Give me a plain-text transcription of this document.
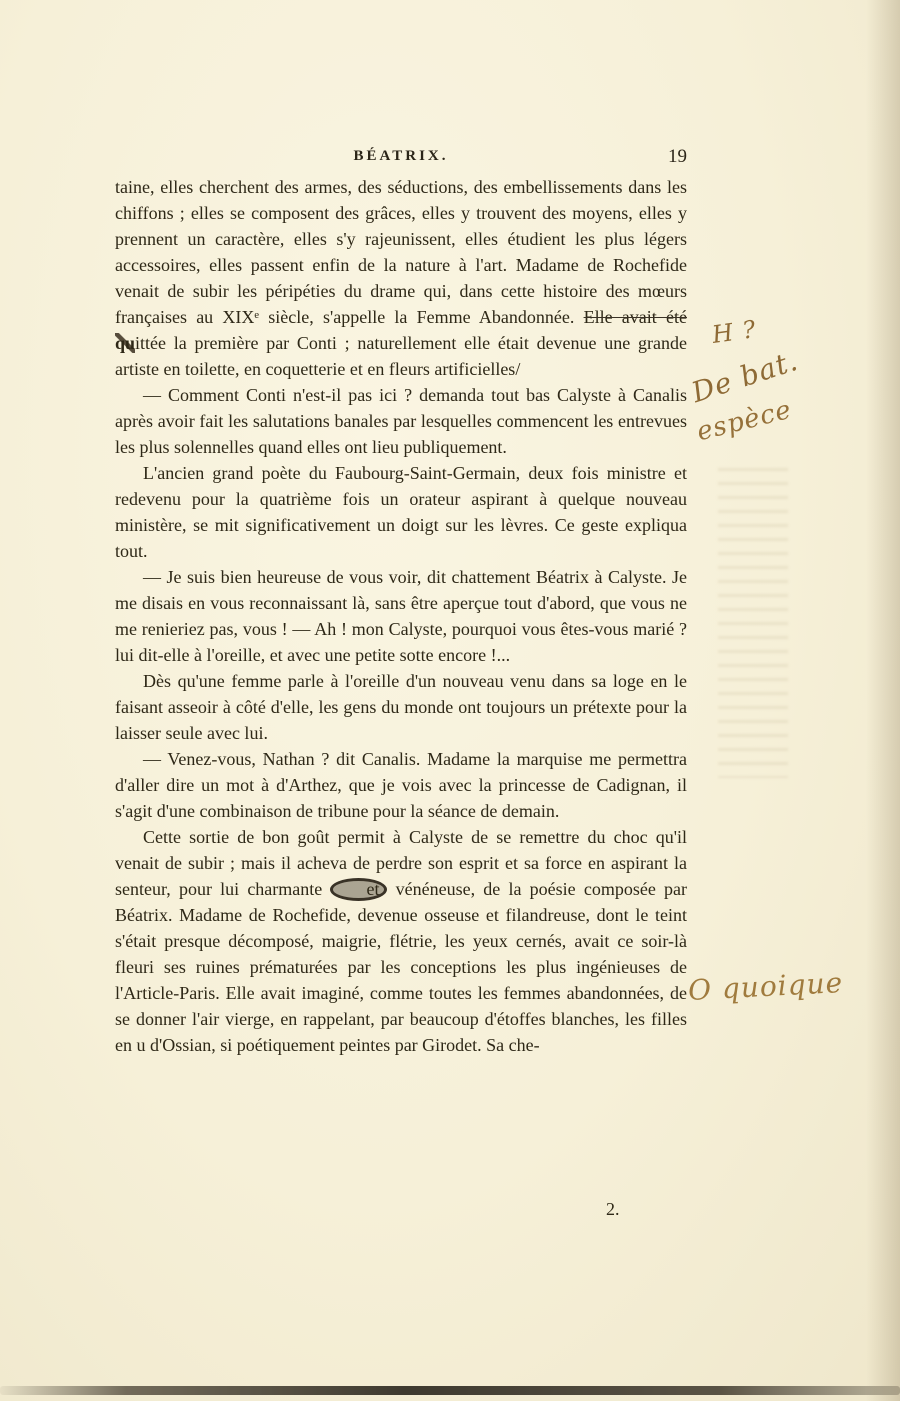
BÉATRIX.	19

taine, elles cherchent des armes, des séductions, des embellissements dans les chiffons ; elles se composent des grâces, elles y trouvent des moyens, elles y prennent un caractère, elles s'y rajeunissent, elles étudient les plus légers accessoires, elles passent enfin de la nature à l'art. Madame de Rochefide venait de subir les péripéties du drame qui, dans cette histoire des mœurs françaises au XIXᵉ siècle, s'appelle la Femme Abandonnée. Elle avait été quittée la première par Conti ; naturellement elle était devenue une grande artiste en toilette, en coquetterie et en fleurs artificielles/

— Comment Conti n'est-il pas ici ? demanda tout bas Calyste à Canalis après avoir fait les salutations banales par lesquelles commencent les entrevues les plus solennelles quand elles ont lieu publiquement.

L'ancien grand poète du Faubourg-Saint-Germain, deux fois ministre et redevenu pour la quatrième fois un orateur aspirant à quelque nouveau ministère, se mit significativement un doigt sur les lèvres. Ce geste expliqua tout.

— Je suis bien heureuse de vous voir, dit chattement Béatrix à Calyste. Je me disais en vous reconnaissant là, sans être aperçue tout d'abord, que vous ne me renieriez pas, vous ! — Ah ! mon Calyste, pourquoi vous êtes-vous marié ? lui dit-elle à l'oreille, et avec une petite sotte encore !...

Dès qu'une femme parle à l'oreille d'un nouveau venu dans sa loge en le faisant asseoir à côté d'elle, les gens du monde ont toujours un prétexte pour la laisser seule avec lui.

— Venez-vous, Nathan ? dit Canalis. Madame la marquise me permettra d'aller dire un mot à d'Arthez, que je vois avec la princesse de Cadignan, il s'agit d'une combinaison de tribune pour la séance de demain.

Cette sortie de bon goût permit à Calyste de se remettre du choc qu'il venait de subir ; mais il acheva de perdre son esprit et sa force en aspirant la senteur, pour lui charmante et vénéneuse, de la poésie composée par Béatrix. Madame de Rochefide, devenue osseuse et filandreuse, dont le teint s'était presque décomposé, maigrie, flétrie, les yeux cernés, avait ce soir-là fleuri ses ruines prématurées par les conceptions les plus ingénieuses de l'Article-Paris. Elle avait imaginé, comme toutes les femmes abandonnées, de se donner l'air vierge, en rappelant, par beaucoup d'étoffes blanches, les filles en u d'Ossian, si poétiquement peintes par Girodet. Sa che-

H ?
De bat.
espèce
O quoique
2.
